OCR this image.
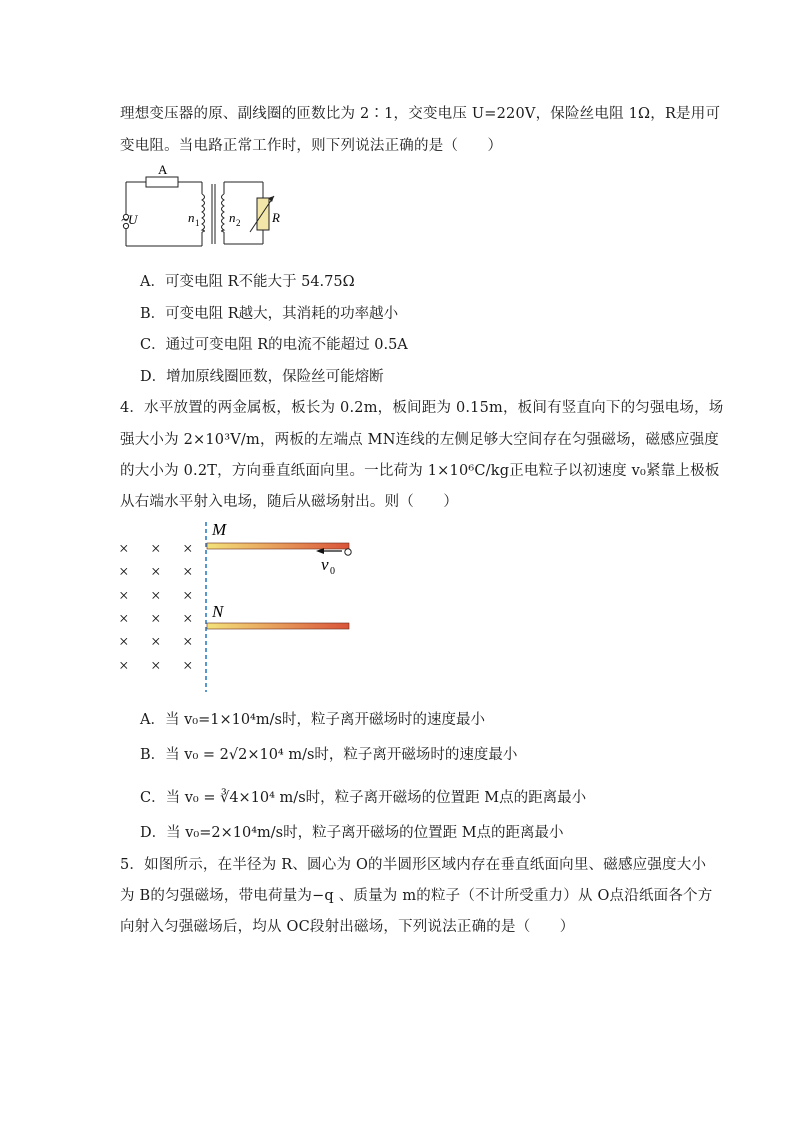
理想变压器的原、副线圈的匝数比为 2∶1，交变电压 U=220V，保险丝电阻 1Ω，R是用可
变电阻。当电路正常工作时，则下列说法正确的是（　　）
A
~U	n 1 n 2 R
A．可变电阻 R不能大于 54.75Ω
B．可变电阻 R越大，其消耗的功率越小
C．通过可变电阻 R的电流不能超过 0.5A
D．增加原线圈匝数，保险丝可能熔断
4．水平放置的两金属板，板长为 0.2m，板间距为 0.15m，板间有竖直向下的匀强电场，场
强大小为 2×10³V/m，两板的左端点 MN连线的左侧足够大空间存在匀强磁场，磁感应强度
的大小为 0.2T，方向垂直纸面向里。一比荷为 1×10⁶C/kg正电粒子以初速度 v₀紧靠上极板
从右端水平射入电场，随后从磁场射出。则（　　）
× × ×
× × ×
× × ×
× × ×
× × ×
× × ×
M
N
v 0
A．当 v₀=1×10⁴m/s时，粒子离开磁场时的速度最小
B．当 v₀ = 2√2×10⁴ m/s时，粒子离开磁场时的速度最小
C．当 v₀ = ∛4×10⁴ m/s时，粒子离开磁场的位置距 M点的距离最小
D．当 v₀=2×10⁴m/s时，粒子离开磁场的位置距 M点的距离最小
5．如图所示，在半径为 R、圆心为 O的半圆形区域内存在垂直纸面向里、磁感应强度大小
为 B的匀强磁场，带电荷量为−q 、质量为 m的粒子（不计所受重力）从 O点沿纸面各个方
向射入匀强磁场后，均从 OC段射出磁场，下列说法正确的是（　　）
